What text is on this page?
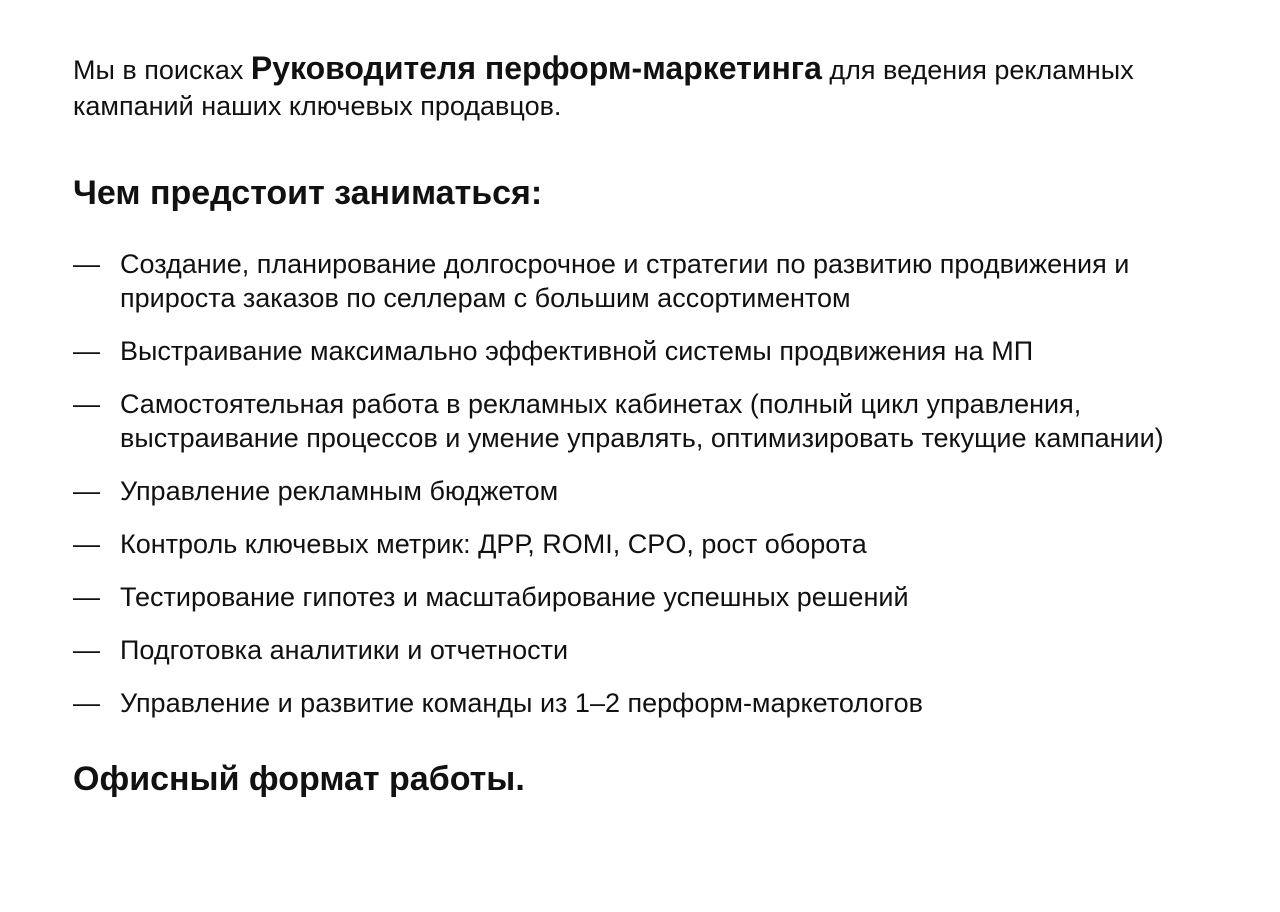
Мы в поисках Руководителя перформ-маркетинга для ведения рекламных кампаний наших ключевых продавцов.

Чем предстоит заниматься:
— Создание, планирование долгосрочное и стратегии по развитию продвижения и прироста заказов по селлерам с большим ассортиментом
— Выстраивание максимально эффективной системы продвижения на МП
— Самостоятельная работа в рекламных кабинетах (полный цикл управления, выстраивание процессов и умение управлять, оптимизировать текущие кампании)
— Управление рекламным бюджетом
— Контроль ключевых метрик: ДРР, ROMI, CPO, рост оборота
— Тестирование гипотез и масштабирование успешных решений
— Подготовка аналитики и отчетности
— Управление и развитие команды из 1–2 перформ-маркетологов
Офисный формат работы.
